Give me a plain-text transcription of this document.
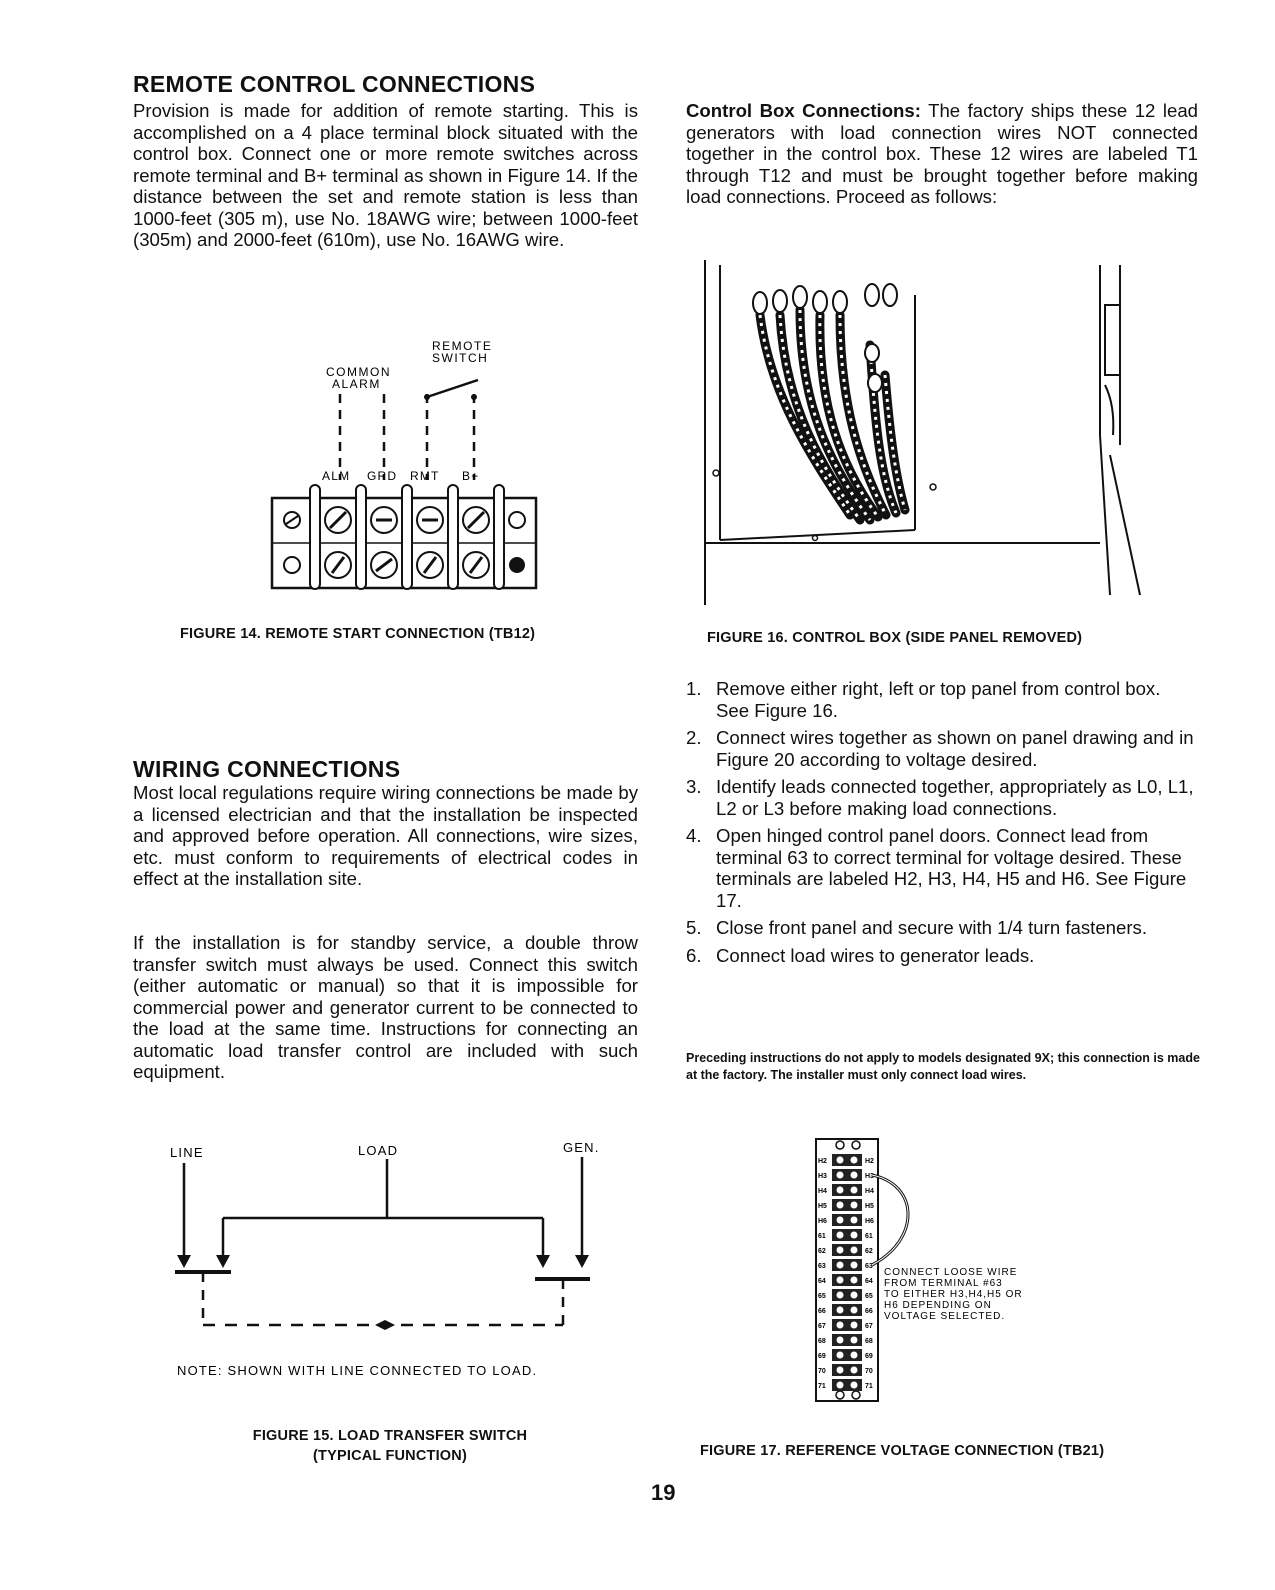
REMOTE CONTROL CONNECTIONS

Provision is made for addition of remote starting. This is accomplished on a 4 place terminal block situated with the control box. Connect one or more remote switches across remote terminal and B+ terminal as shown in Figure 14. If the distance between the set and remote station is less than 1000-feet (305 m), use No. 18AWG wire; between 1000-feet (305m) and 2000-feet (610m), use No. 16AWG wire.

REMOTE
SWITCH
COMMON
ALARM
ALM GRD RMT B+
FIGURE 14. REMOTE START CONNECTION (TB12)
WIRING CONNECTIONS

Most local regulations require wiring connections be made by a licensed electrician and that the installation be inspected and approved before operation. All connections, wire sizes, etc. must conform to requirements of electrical codes in effect at the installation site.

If the installation is for standby service, a double throw transfer switch must always be used. Connect this switch (either automatic or manual) so that it is impossible for commercial power and generator current to be connected to the load at the same time. Instructions for connecting an automatic load transfer control are included with such equipment.

LINE	LOAD	GEN.
NOTE: SHOWN WITH LINE CONNECTED TO LOAD.
FIGURE 15. LOAD TRANSFER SWITCH
(TYPICAL FUNCTION)

Control Box Connections: The factory ships these 12 lead generators with load connection wires NOT connected together in the control box. These 12 wires are labeled T1 through T12 and must be brought together before making load connections. Proceed as follows:

FIGURE 16. CONTROL BOX (SIDE PANEL REMOVED)
1. Remove either right, left or top panel from control box. See Figure 16.
2. Connect wires together as shown on panel drawing and in Figure 20 according to voltage desired.
3. Identify leads connected together, appropriately as L0, L1, L2 or L3 before making load connections.
4. Open hinged control panel doors. Connect lead from terminal 63 to correct terminal for voltage desired. These terminals are labeled H2, H3, H4, H5 and H6. See Figure 17.
5. Close front panel and secure with 1/4 turn fasteners.
6. Connect load wires to generator leads.

Preceding instructions do not apply to models designated 9X; this connection is made at the factory. The installer must only connect load wires.

H2	H2
H3	H3
H4	H4
H5	H5
H6	H6
61	61
62	62
63	63
64	64
65	65
66	66
67	67
68	68
69	69
70	70
71	71
CONNECT LOOSE WIRE
FROM TERMINAL #63
TO EITHER H3,H4,H5 OR
H6 DEPENDING ON
VOLTAGE SELECTED.
FIGURE 17. REFERENCE VOLTAGE CONNECTION (TB21)
19
